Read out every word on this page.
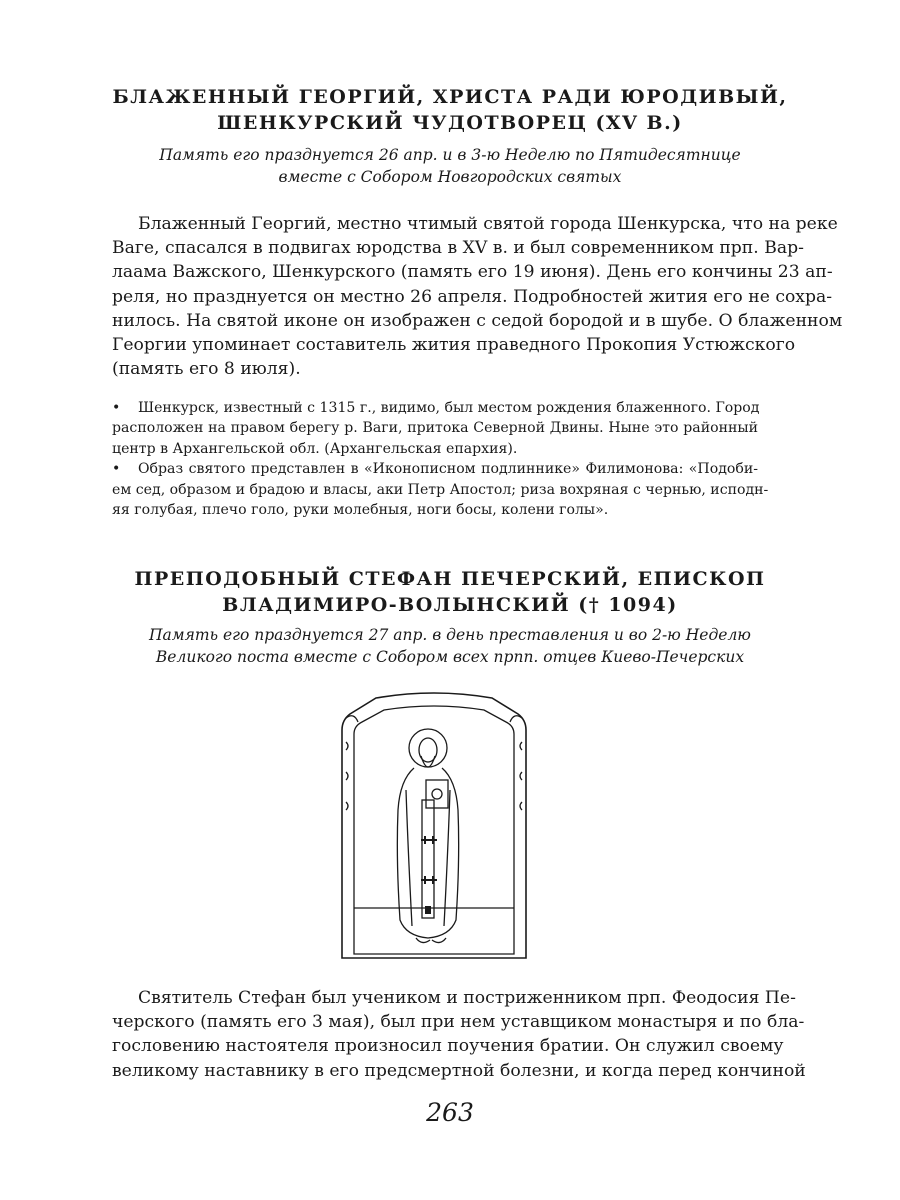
БЛАЖЕННЫЙ ГЕОРГИЙ, ХРИСТА РАДИ ЮРОДИВЫЙ,
ШЕНКУРСКИЙ ЧУДОТВОРЕЦ (XV В.)
Память его празднуется 26 апр. и в 3-ю Неделю по Пятидесятнице
вместе с Собором Новгородских святых
Блаженный Георгий, местно чтимый святой города Шенкурска, что на реке
Ваге, спасался в подвигах юродства в XV в. и был современником прп. Вар-
лаама Важского, Шенкурского (память его 19 июня). День его кончины 23 ап-
реля, но празднуется он местно 26 апреля. Подробностей жития его не сохра-
нилось. На святой иконе он изображен с седой бородой и в шубе. О блаженном
Георгии упоминает составитель жития праведного Прокопия Устюжского
(память его 8 июля).
• Шенкурск, известный с 1315 г., видимо, был местом рождения блаженного. Город
расположен на правом берегу р. Ваги, притока Северной Двины. Ныне это районный
центр в Архангельской обл. (Архангельская епархия).
• Образ святого представлен в «Иконописном подлиннике» Филимонова: «Подоби-
ем сед, образом и брадою и власы, аки Петр Апостол; риза вохряная с чернью, исподн-
яя голубая, плечо голо, руки молебныя, ноги босы, колени голы».
ПРЕПОДОБНЫЙ СТЕФАН ПЕЧЕРСКИЙ, ЕПИСКОП
ВЛАДИМИРО-ВОЛЫНСКИЙ († 1094)
Память его празднуется 27 апр. в день преставления и во 2-ю Неделю
Великого поста вместе с Собором всех прпп. отцев Киево-Печерских
Святитель Стефан был учеником и постриженником прп. Феодосия Пе-
черского (память его 3 мая), был при нем уставщиком монастыря и по бла-
гословению настоятеля произносил поучения братии. Он служил своему
великому наставнику в его предсмертной болезни, и когда перед кончиной
263
